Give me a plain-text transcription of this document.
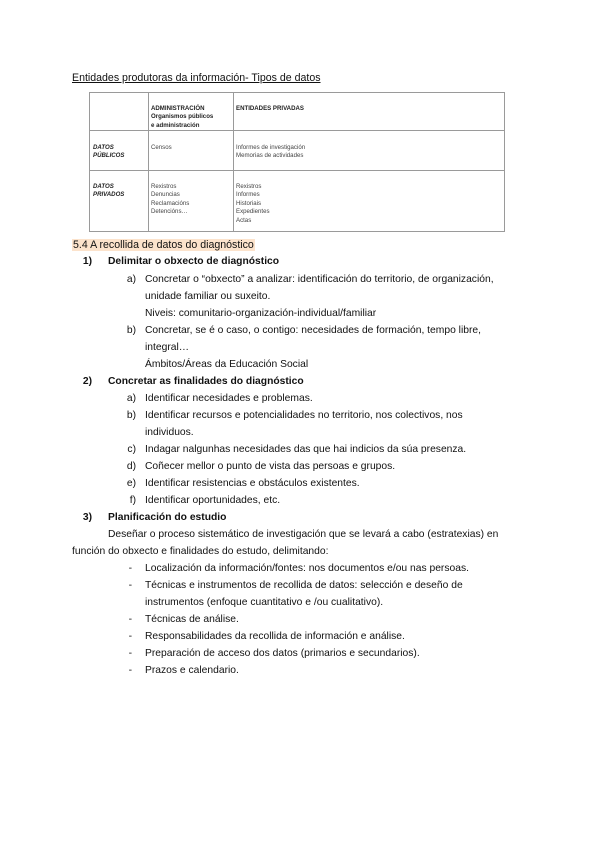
Entidades produtoras da información- Tipos de datos
ADMINISTRACIÓN
Organismos públicos
e administración
ENTIDADES PRIVADAS
DATOS
PÚBLICOS
Censos	Informes de investigación
Memorias de actividades
DATOS
PRIVADOS
Rexistros
Denuncias
Reclamacións
Detencións…
Rexistros
Informes
Historiais
Expedientes
Actas
5.4 A recollida de datos do diagnóstico
1) Delimitar o obxecto de diagnóstico
a) Concretar o “obxecto” a analizar: identificación do territorio, de organización,
unidade familiar ou suxeito.
Niveis: comunitario-organización-individual/familiar
b) Concretar, se é o caso, o contigo: necesidades de formación, tempo libre,
integral…
Ámbitos/Áreas da Educación Social
2) Concretar as finalidades do diagnóstico
a) Identificar necesidades e problemas.
b) Identificar recursos e potencialidades no territorio, nos colectivos, nos
individuos.
c) Indagar nalgunhas necesidades das que hai indicios da súa presenza.
d) Coñecer mellor o punto de vista das persoas e grupos.
e) Identificar resistencias e obstáculos existentes.
f) Identificar oportunidades, etc.
3) Planificación do estudio
Deseñar o proceso sistemático de investigación que se levará a cabo (estratexias) en
función do obxecto e finalidades do estudo, delimitando:
- Localización da información/fontes: nos documentos e/ou nas persoas.
- Técnicas e instrumentos de recollida de datos: selección e deseño de
instrumentos (enfoque cuantitativo e /ou cualitativo).
- Técnicas de análise.
- Responsabilidades da recollida de información e análise.
- Preparación de acceso dos datos (primarios e secundarios).
- Prazos e calendario.
